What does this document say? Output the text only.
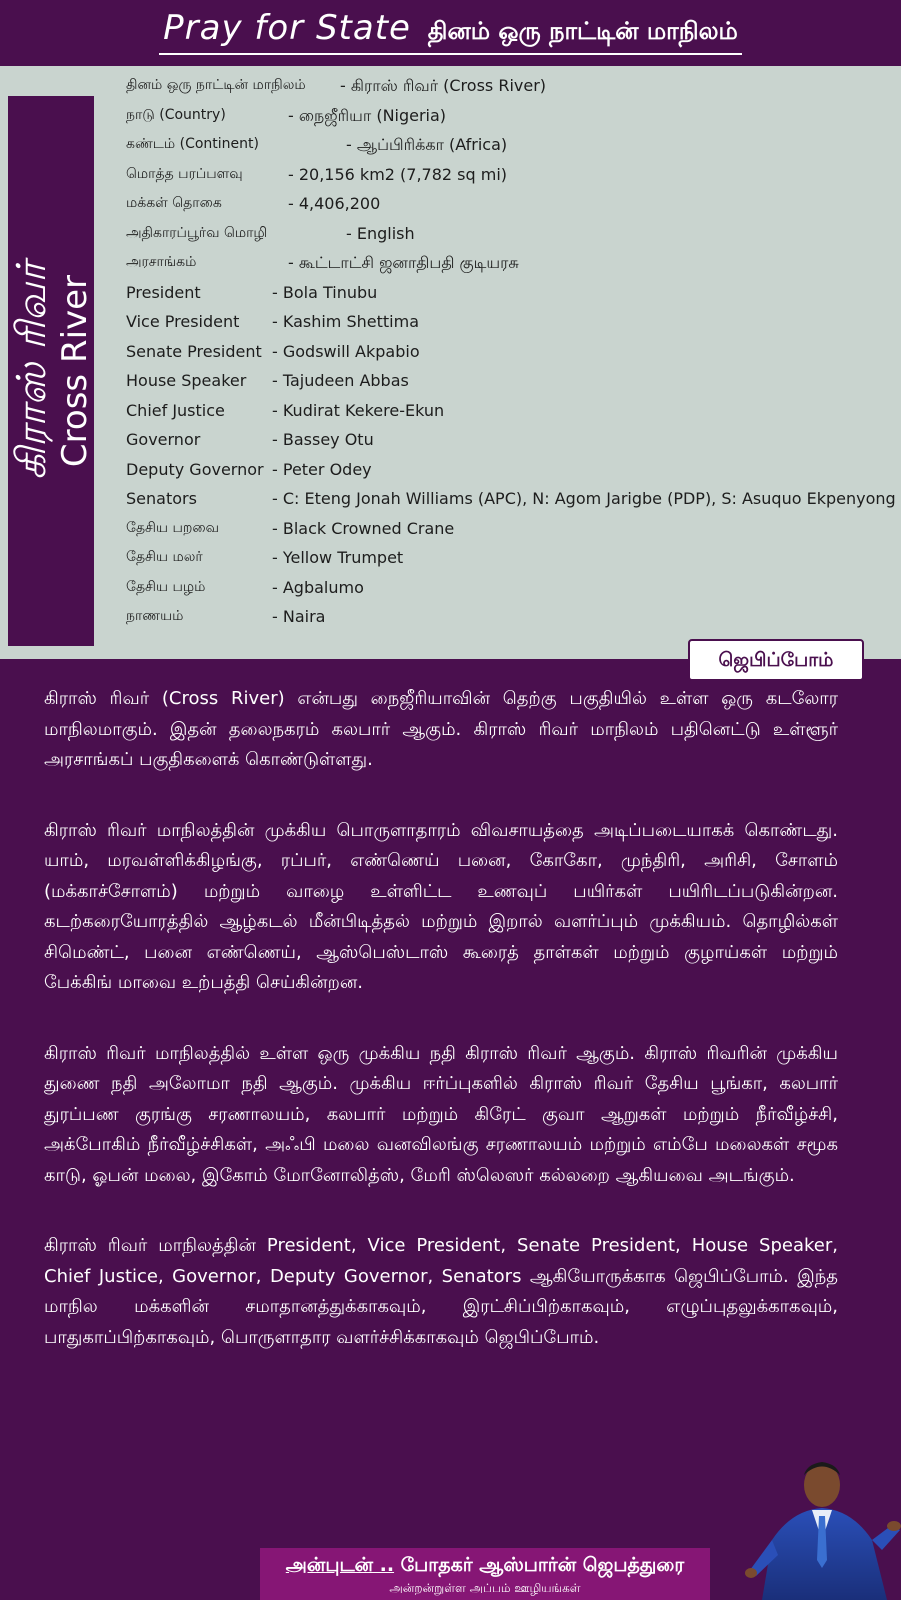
Pray for State தினம் ஒரு நாட்டின் மாநிலம்
கிராஸ் ரிவர் Cross River
தினம் ஒரு நாட்டின் மாநிலம் - கிராஸ் ரிவர் (Cross River)
நாடு (Country)	- நைஜீரியா (Nigeria)
கண்டம் (Continent)	- ஆப்பிரிக்கா (Africa)
மொத்த பரப்பளவு	- 20,156 km2 (7,782 sq mi)
மக்கள் தொகை	- 4,406,200
அதிகாரப்பூர்வ மொழி	- English
அரசாங்கம்	- கூட்டாட்சி ஜனாதிபதி குடியரசு
President	- Bola Tinubu
Vice President - Kashim Shettima
Senate President - Godswill Akpabio
House Speaker - Tajudeen Abbas
Chief Justice	- Kudirat Kekere-Ekun
Governor	- Bassey Otu
Deputy Governor - Peter Odey
Senators	- C: Eteng Jonah Williams (APC), N: Agom Jarigbe (PDP), S: Asuquo Ekpenyong
தேசிய பறவை	- Black Crowned Crane
தேசிய மலர்	- Yellow Trumpet
தேசிய பழம்	- Agbalumo
நாணயம்	- Naira
ஜெபிப்போம்

கிராஸ் ரிவர் (Cross River) என்பது நைஜீரியாவின் தெற்கு பகுதியில் உள்ள ஒரு கடலோர மாநிலமாகும். இதன் தலைநகரம் கலபார் ஆகும். கிராஸ் ரிவர் மாநிலம் பதினெட்டு உள்ளூர் அரசாங்கப் பகுதிகளைக் கொண்டுள்ளது.

கிராஸ் ரிவர் மாநிலத்தின் முக்கிய பொருளாதாரம் விவசாயத்தை அடிப்படையாகக் கொண்டது. யாம், மரவள்ளிக்கிழங்கு, ரப்பர், எண்ணெய் பனை, கோகோ, முந்திரி, அரிசி, சோளம் (மக்காச்சோளம்) மற்றும் வாழை உள்ளிட்ட உணவுப் பயிர்கள் பயிரிடப்படுகின்றன. கடற்கரையோரத்தில் ஆழ்கடல் மீன்பிடித்தல் மற்றும் இறால் வளர்ப்பும் முக்கியம். தொழில்கள் சிமெண்ட், பனை எண்ணெய், ஆஸ்பெஸ்டாஸ் கூரைத் தாள்கள் மற்றும் குழாய்கள் மற்றும் பேக்கிங் மாவை உற்பத்தி செய்கின்றன.

கிராஸ் ரிவர் மாநிலத்தில் உள்ள ஒரு முக்கிய நதி கிராஸ் ரிவர் ஆகும். கிராஸ் ரிவரின் முக்கிய துணை நதி அலோமா நதி ஆகும். முக்கிய ஈர்ப்புகளில் கிராஸ் ரிவர் தேசிய பூங்கா, கலபார் துரப்பண குரங்கு சரணாலயம், கலபார் மற்றும் கிரேட் குவா ஆறுகள் மற்றும் நீர்வீழ்ச்சி, அக்போகிம் நீர்வீழ்ச்சிகள், அஃபி மலை வனவிலங்கு சரணாலயம் மற்றும் எம்பே மலைகள் சமூக காடு, ஓபன் மலை, இகோம் மோனோலித்ஸ், மேரி ஸ்லெஸர் கல்லறை ஆகியவை அடங்கும்.

கிராஸ் ரிவர் மாநிலத்தின் President, Vice President, Senate President, House Speaker, Chief Justice, Governor, Deputy Governor, Senators ஆகியோருக்காக ஜெபிப்போம். இந்த மாநில மக்களின் சமாதானத்துக்காகவும், இரட்சிப்பிற்காகவும், எழுப்புதலுக்காகவும், பாதுகாப்பிற்காகவும், பொருளாதார வளர்ச்சிக்காகவும் ஜெபிப்போம்.

அன்புடன் .. போதகர் ஆஸ்பார்ன் ஜெபத்துரை
அன்றன்றுள்ள அப்பம் ஊழியங்கள்
